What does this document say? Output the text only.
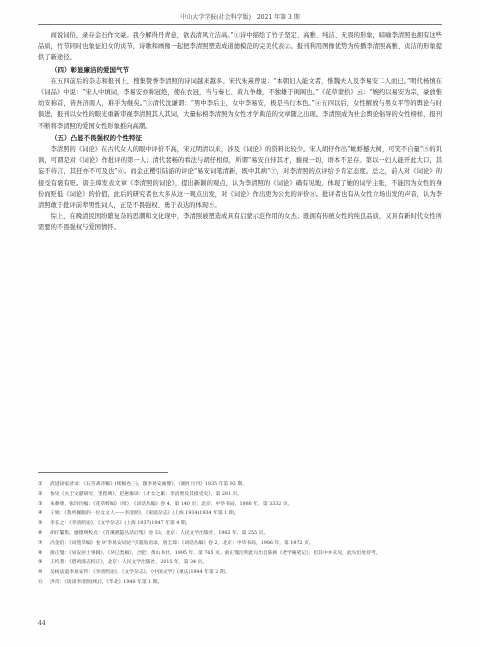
中山大学学报(社会科学版)　2021 年第 3 期

商说词伯，录存金石作文豪。我今解得丹青意，欲表清风立洁高。”①诗中描绘了竹子坚定、高雅、纯洁、无畏的形象，暗喻李清照也拥有这些品质，竹节同时也象征妇女的贞节，诗歌和画像一起把李清照塑造成道德模范的完美代表②。报刊利用图像优势为传播李清照高雅、贞洁的形象提供了新途径。

（四）彰显廉洁的爱国气节

在五四前后的杂志和报刊上，搜集赞誉李清照的诗词越来越多。宋代朱熹曾说：“本朝妇人能文者，惟魏夫人及李易安二人而已。”明代杨慎在《词品》中说：“宋人中填词，李易安亦称冠绝，使在衣冠，当与秦七、黄九争雄，不独雄于闺阁也。”《花草蒙拾》云：“婉约以易安为宗，豪放惟幼安称首，皆吾济南人，难乎为继矣。”③清代沈谦谓：“男中李后主，女中李易安，极是当行本色。”④五四以后，女性解放与男女平等的舆论与时俱进，报刊以女性的眼光重新审视李清照其人其词，大量标榜李清照为女性才学典范的文章随之出现。李清照成为社会舆论倡导的女性榜样，报刊不断将李清照的爱国女性形象推向高潮。

（五）凸显不畏强权的个性特征

李清照的《词论》在古代女人的眼中评价不高，宋元明清以来，涉及《词论》的资料比较少。宋人胡仔作出“蚍蜉撼大树，可笑不自量”⑤的讥讽，可谓是对《词论》作批评的第一人；清代裴畅的看法与胡仔相似，所谓“易安自恃其才，藐视一切，语本不足存。第以一妇人能开此大口，其妄不待言，其狂亦不可及也”⑥。而金正樱引陆游的评论“易安词笔清新，既中其病”⑦，对李清照的点评给予肯定态度。总之，前人对《词论》的接受有褒有贬。唐圭璋发表文章《李清照的词论》，提出新颖的观点，认为李清照的《词论》确有见地，体现了她的词学主张，不能因为女性的身份而贬低《词论》的价值，此后的研究者也大多从这一观点出发，对《词论》作出更为公允的评价⑧。批评者也有从女性立场出发的声音，认为李清照敢于批评前辈男性词人，正是不畏强权、勇于表达的体现⑨。

综上，在晚清民国纷繁复杂的思潮和文化现中，李清照被塑造成具有启蒙示范作用的女杰；既拥有传统女性的纯良品质，又具有新时代女性所需要的不畏强权与爱国情怀。

①	武进徐家济录：《石雪斋诗稿》(续稿卷三)，题李易安画像》，《湘社月刊》1935 年第 92 期。
②	参见《关于文献研究、里程碑》，赵惠俊译：《才女之累：李清照及其接受史》，第 281 页。
③	朱彝尊、张玲玲编：《花草粹编》（续），《词话丛编》卷 4，第 140 页；北京：中华书局，1986 年，第 3332 页。
④	子娟：《我所佩服的一位女文人——李清照》，《家庭杂志》(上海 1934)1934 年第 1 期。
⑤	李长之：《李清照论》，《文学杂志》(上海 1937)1947 年第 4 期。
⑥	胡仔纂集，廖德明校点：《苕溪渔隐丛话后集》卷 33，北京：人民文学出版社，1962 年，第 255 页。
⑦	冯金伯：《词苑萃编》卷 9“李易安词论”引蓑翁语录，唐圭璋：《词话丛编》卷 2，北京：中华书局，1986 年，第 1972 页。
⑧	俞正燮：《易安居士事辑》，《癸巳类稿》，合肥：黄山书社，1995 年，第 765 页。俞正燮注明此句出自陈师《老学庵笔记》，但其中并未见，此句出处待考。
⑨	王灼著：《碧鸡漫志校正》，北京：人民文学出版社，2015 年，第 34 页。
⑩	吴杨法道李易安传：《李清照论》，《文学杂志》，《中国文学》(重庆)1944 年第 2 期。
⑪	洪奇：《谈谈李清照(续)》，《华北》1940 年第 1 期。
44
